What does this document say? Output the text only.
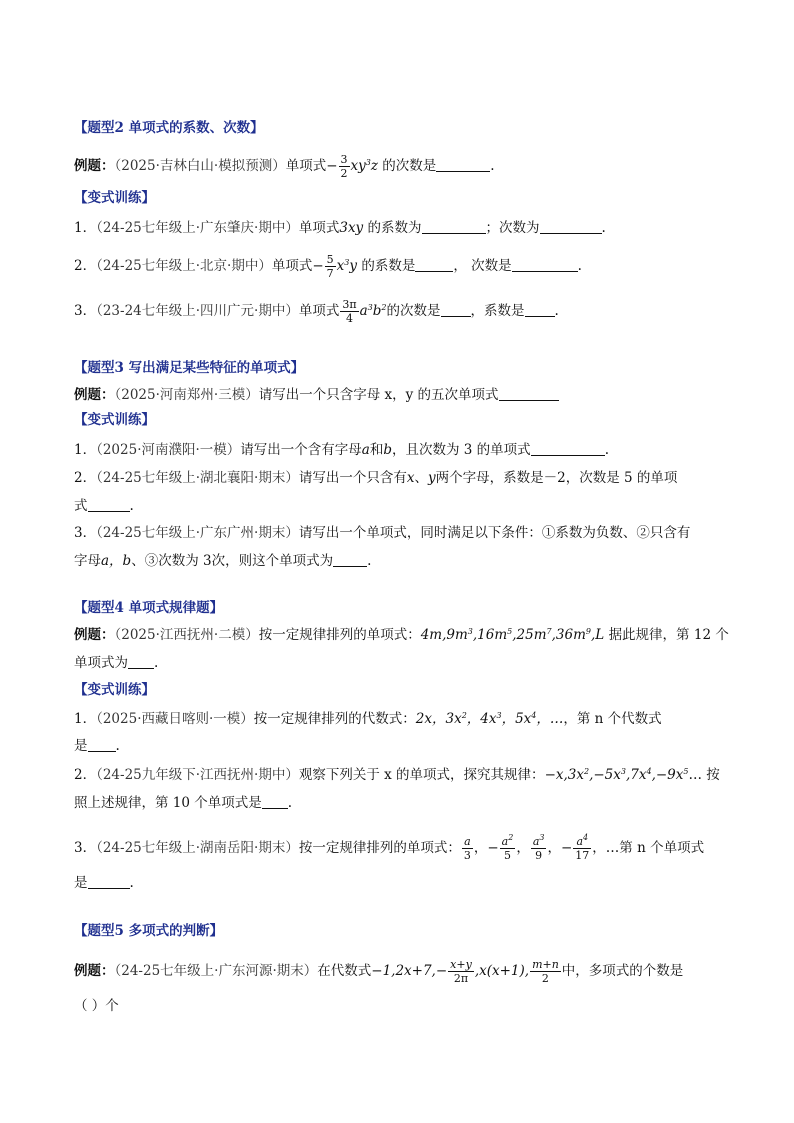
【题型2 单项式的系数、次数】
例题：（2025·吉林白山·模拟预测）单项式− $\frac{3}{2} xy^3z$ 的次数是	.
【变式训练】
1．（24-25七年级上·广东肇庆·期中）单项式3xy 的系数为	；次数为	.
2．（24-25七年级上·北京·期中）单项式− $\frac{5}{7} x^3y$ 的系数是	， 次数是	.
3．（23-24七年级上·四川广元·期中）单项式 $\frac{3\pi}{4} a^3b^2$的次数是 ，系数是 .
【题型3 写出满足某些特征的单项式】
例题：（2025·河南郑州·三模）请写出一个只含字母 x，y 的五次单项式
【变式训练】
1．（2025·河南濮阳·一模）请写出一个含有字母a和b，且次数为 3 的单项式	.
2．（24-25七年级上·湖北襄阳·期末）请写出一个只含有x、y两个字母，系数是－2，次数是 5 的单项
式	.
3．（24-25七年级上·广东广州·期末）请写出一个单项式，同时满足以下条件：①系数为负数、②只含有
字母a，b、③次数为 3次，则这个单项式为	.
【题型4 单项式规律题】
例题：（2025·江西抚州·二模）按一定规律排列的单项式：$4m,9m^3,16m^5,25m^7,36m^9,L$ 据此规律，第 12 个
单项式为 .
【变式训练】
1．（2025·西藏日喀则·一模）按一定规律排列的代数式：2x，$3x^2$，$4x^3$，$5x^4$，…，第 n 个代数式
是 .
2．（24-25九年级下·江西抚州·期中）观察下列关于 x 的单项式，探究其规律：$-x,3x^2,-5x^3,7x^4,-9x^5\dots$ 按
照上述规律，第 10 个单项式是 .
3．（24-25七年级上·湖南岳阳·期末）按一定规律排列的单项式： $\frac{a}{3}$ ，− $\frac{a^2}{5}$ ， $\frac{a^3}{9}$ ，− $\frac{a^4}{17}$ ，…第 n 个单项式
是	.
【题型5 多项式的判断】
例题：（24-25七年级上·广东河源·期末）在代数式$-1,2x+7,- \frac{x+y}{2\pi} ,x(x+1)$, $\frac{m+n}{2}$ 中，多项式的个数是
（ ）个
